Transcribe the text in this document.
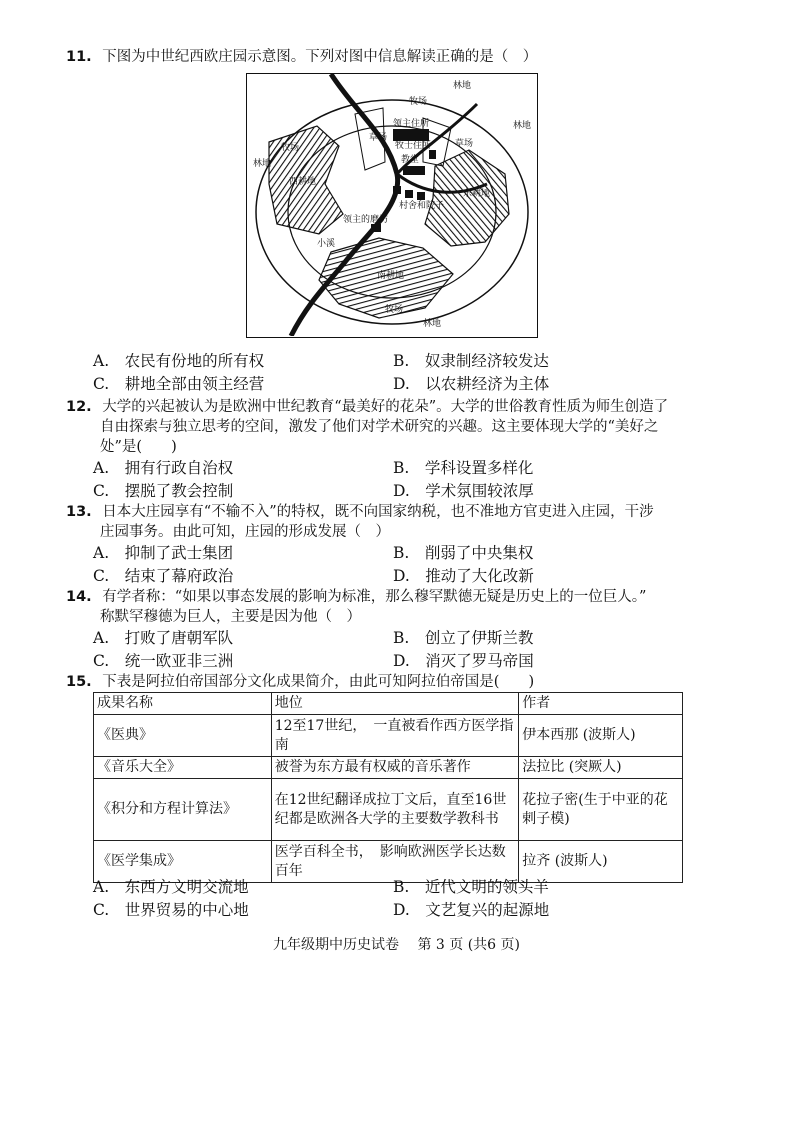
11. 下图为中世纪西欧庄园示意图。下列对图中信息解读正确的是（　）
牧场
牧场
牧场
林地
林地
林地
林地
领主住所
牧士住所
教堂
草场
草场
西耕地
东耕地
南耕地
领主的磨坊
村舍和院子
小溪
A.　农民有份地的所有权	B.　奴隶制经济较发达
C.　耕地全部由领主经营	D.　以农耕经济为主体
12. 大学的兴起被认为是欧洲中世纪教育“最美好的花朵”。大学的世俗教育性质为师生创造了
自由探索与独立思考的空间，激发了他们对学术研究的兴趣。这主要体现大学的“美好之
处”是(　　)
A.　拥有行政自治权	B.　学科设置多样化
C.　摆脱了教会控制	D.　学术氛围较浓厚
13. 日本大庄园享有“不输不入”的特权，既不向国家纳税，也不准地方官吏进入庄园，干涉
庄园事务。由此可知，庄园的形成发展（　）
A.　抑制了武士集团	B.　削弱了中央集权
C.　结束了幕府政治	D.　推动了大化改新
14. 有学者称：“如果以事态发展的影响为标准，那么穆罕默德无疑是历史上的一位巨人。”
称默罕穆德为巨人，主要是因为他（　）
A.　打败了唐朝军队	B.　创立了伊斯兰教
C.　统一欧亚非三洲	D.　消灭了罗马帝国
15. 下表是阿拉伯帝国部分文化成果简介，由此可知阿拉伯帝国是(　　)
成果名称	地位	作者
《医典》	12至17世纪，　一直被看作西方医学指南	伊本西那 (波斯人)
《音乐大全》	被誉为东方最有权威的音乐著作	法拉比 (突厥人)
《积分和方程计算法》	在12世纪翻译成拉丁文后，直至16世纪都是欧洲各大学的主要数学教科书	花拉子密(生于中亚的花剌子模)
《医学集成》	医学百科全书，　影响欧洲医学长达数百年	拉齐 (波斯人)
A.　东西方文明交流地	B.　近代文明的领头羊
C.　世界贸易的中心地	D.　文艺复兴的起源地
九年级期中历史试卷　 第 3 页 (共6 页)
